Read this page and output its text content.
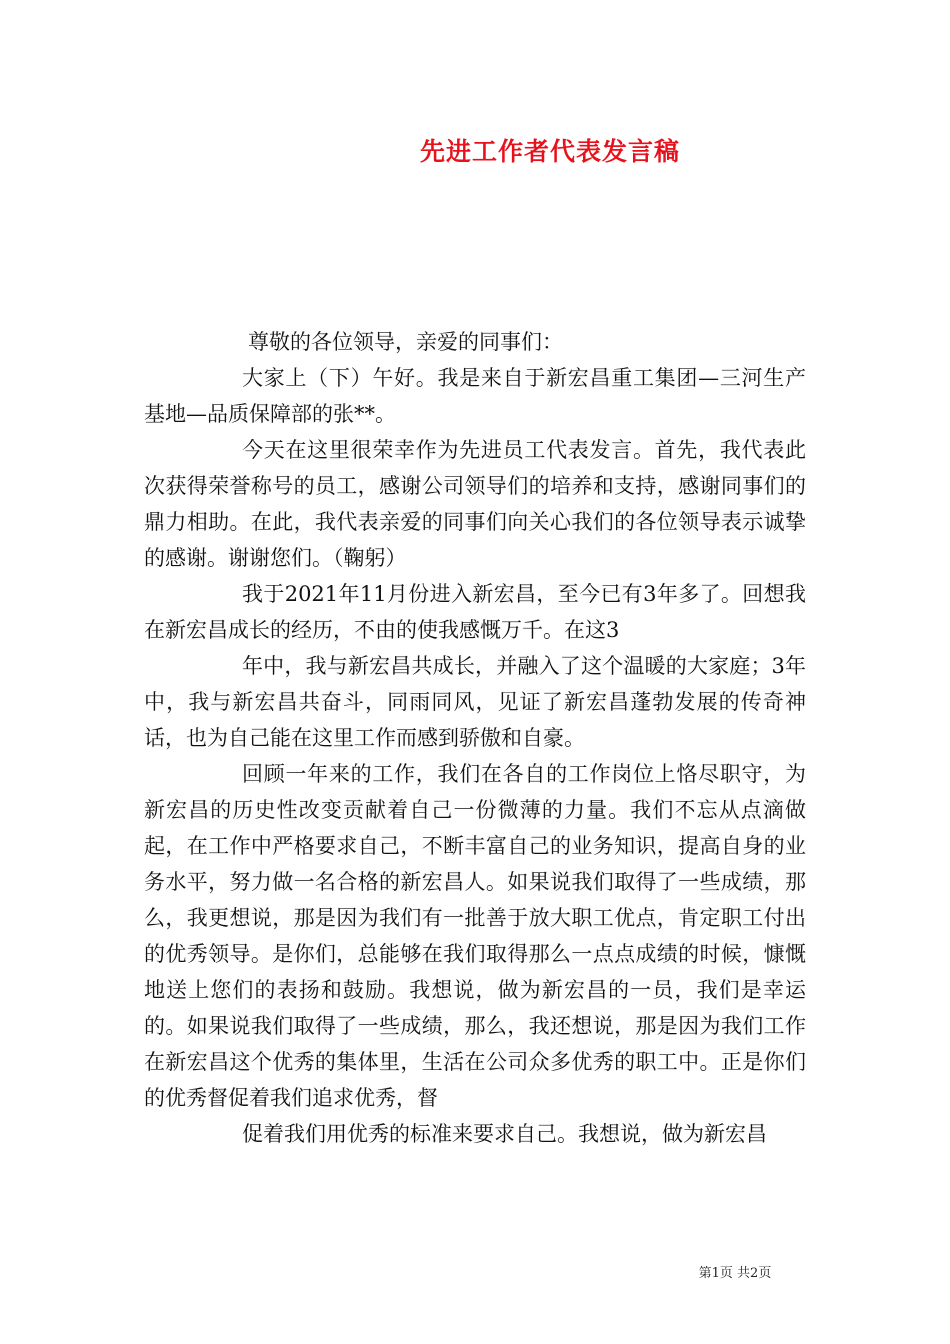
先进工作者代表发言稿

尊敬的各位领导，亲爱的同事们：

大家上（下）午好。我是来自于新宏昌重工集团—三河生产基地—品质保障部的张**。

今天在这里很荣幸作为先进员工代表发言。首先，我代表此次获得荣誉称号的员工，感谢公司领导们的培养和支持，感谢同事们的鼎力相助。在此，我代表亲爱的同事们向关心我们的各位领导表示诚挚的感谢。谢谢您们。（鞠躬）

我于2021年11月份进入新宏昌，至今已有3年多了。回想我在新宏昌成长的经历，不由的使我感慨万千。在这3

年中，我与新宏昌共成长，并融入了这个温暖的大家庭；3年中，我与新宏昌共奋斗，同雨同风，见证了新宏昌蓬勃发展的传奇神话，也为自己能在这里工作而感到骄傲和自豪。

回顾一年来的工作，我们在各自的工作岗位上恪尽职守，为新宏昌的历史性改变贡献着自己一份微薄的力量。我们不忘从点滴做起，在工作中严格要求自己，不断丰富自己的业务知识，提高自身的业务水平，努力做一名合格的新宏昌人。如果说我们取得了一些成绩，那么，我更想说，那是因为我们有一批善于放大职工优点，肯定职工付出的优秀领导。是你们，总能够在我们取得那么一点点成绩的时候，慷慨地送上您们的表扬和鼓励。我想说，做为新宏昌的一员，我们是幸运的。如果说我们取得了一些成绩，那么，我还想说，那是因为我们工作在新宏昌这个优秀的集体里，生活在公司众多优秀的职工中。正是你们的优秀督促着我们追求优秀，督

促着我们用优秀的标准来要求自己。我想说，做为新宏昌

第1页 共2页
